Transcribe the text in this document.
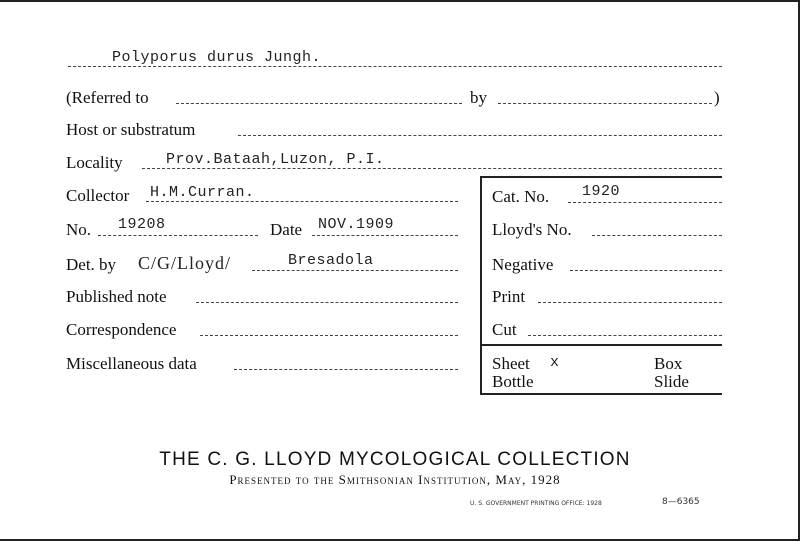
Polyporus durus Jungh.
(Referred to	by	)
Host or substratum
Locality	Prov.Bataah,Luzon, P.I.
Collector H.M.Curran.	Cat. No. 1920
No. 19208	Date NOV.1909	Lloyd's No.
Det. by C/G/Lloyd/	Bresadola	Negative
Published note	Print
Correspondence	Cut
Miscellaneous data	Sheet x	Box
Bottle	Slide
THE C. G. LLOYD MYCOLOGICAL COLLECTION
Presented to the Smithsonian Institution, May, 1928
U. S. GOVERNMENT PRINTING OFFICE: 1928	8—6365
